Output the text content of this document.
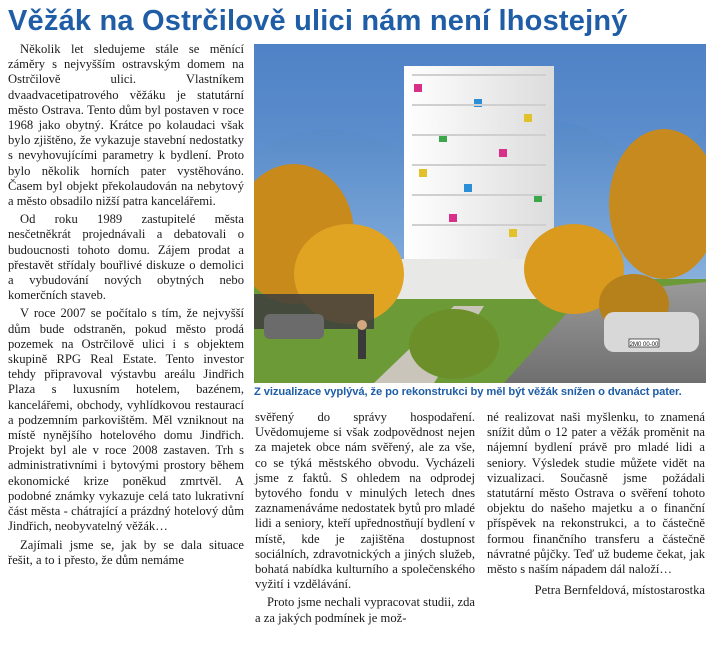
Věžák na Ostrčilově ulici nám není lhostejný

Několik let sledujeme stále se měnící záměry s nejvyšším ostravským domem na Ostrčilově ulici. Vlastníkem dvaadvacetipatrového věžáku je statutární město Ostrava. Tento dům byl postaven v roce 1968 jako obytný. Krátce po kolaudaci však bylo zjištěno, že vykazuje stavební nedostatky s nevyhovujícími parametry k bydlení. Proto bylo několik horních pater vystěhováno. Časem byl objekt překolaudován na nebytový a město obsadilo nižší patra kancelářemi.

Od roku 1989 zastupitelé města nesčetněkrát projednávali a debatovali o budoucnosti tohoto domu. Zájem prodat a přestavět střídaly bouřlivé diskuze o demolici a vybudování nových obytných nebo komerčních staveb.

V roce 2007 se počítalo s tím, že nejvyšší dům bude odstraněn, pokud město prodá pozemek na Ostrčilově ulici i s objektem skupině RPG Real Estate. Tento investor tehdy připravoval výstavbu areálu Jindřich Plaza s luxusním hotelem, bazénem, kancelářemi, obchody, vyhlídkovou restaurací a podzemním parkovištěm. Měl vzniknout na místě nynějšího hotelového domu Jindřich. Projekt byl ale v roce 2008 zastaven. Trh s administrativními i bytovými prostory během ekonomické krize poněkud zmrtvěl. A podobné známky vykazuje celá tato lukrativní část města - chátrající a prázdný hotelový dům Jindřich, neobyvatelný věžák…

Zajímali jsme se, jak by se dala situace řešit, a to i přesto, že dům nemáme

2M0 00-00
Z vizualizace vyplývá, že po rekonstrukci by měl být věžák snížen o dvanáct pater.

svěřený do správy hospodaření. Uvědomujeme si však zodpovědnost nejen za majetek obce nám svěřený, ale za vše, co se týká městského obvodu. Vycházeli jsme z faktů. S ohledem na odprodej bytového fondu v minulých letech dnes zaznamenáváme nedostatek bytů pro mladé lidi a seniory, kteří upřednostňují bydlení v místě, kde je zajištěna dostupnost sociálních, zdravotnických a jiných služeb, bohatá nabídka kulturního a společenského vyžití i vzdělávání.

Proto jsme nechali vypracovat studii, zda a za jakých podmínek je mož-

né realizovat naši myšlenku, to znamená snížit dům o 12 pater a věžák proměnit na nájemní bydlení právě pro mladé lidi a seniory. Výsledek studie můžete vidět na vizualizaci. Současně jsme požádali statutární město Ostrava o svěření tohoto objektu do našeho majetku a o finanční příspěvek na rekonstrukci, a to částečně formou finančního transferu a částečně návratné půjčky. Teď už budeme čekat, jak město s naším nápadem dál naloží…

Petra Bernfeldová, místostarostka
